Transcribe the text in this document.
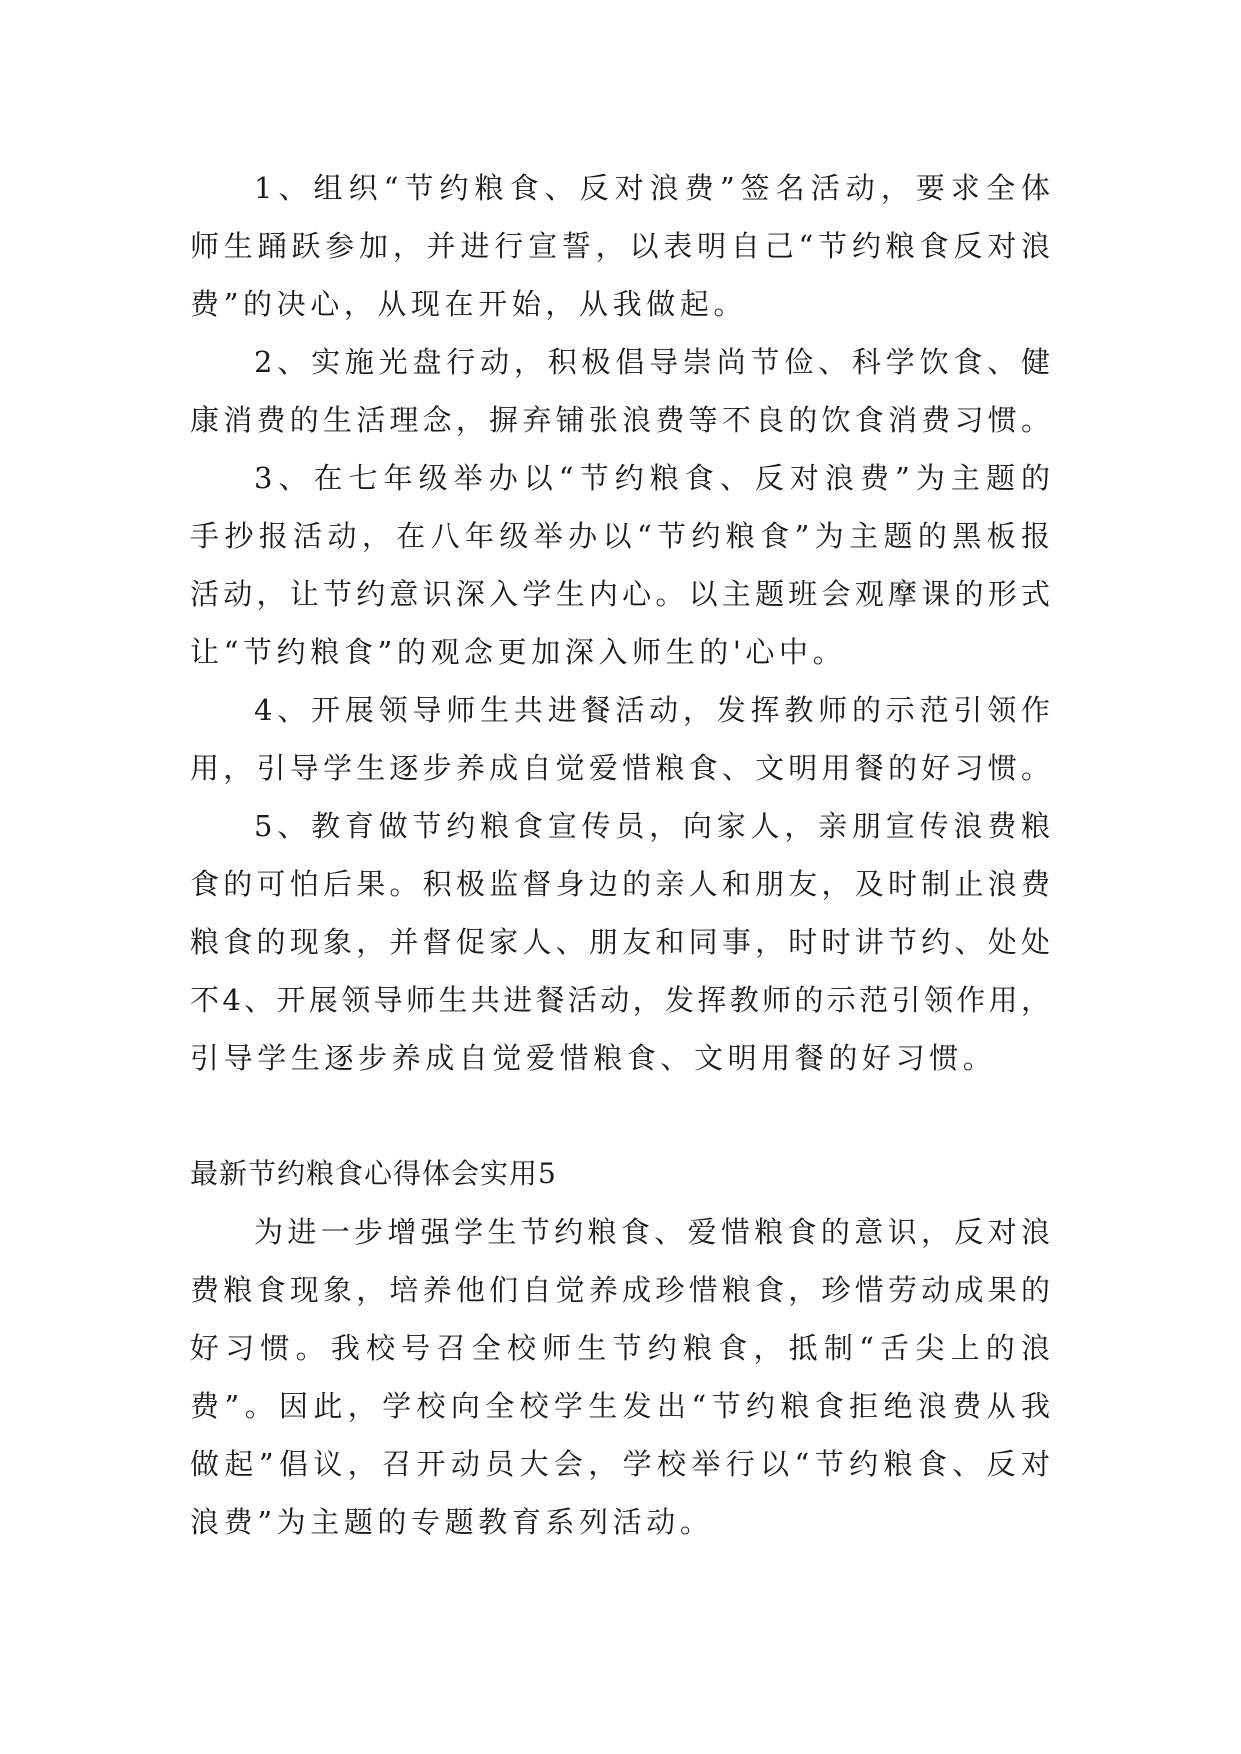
1、组织“节约粮食、反对浪费”签名活动，要求全体
师生踊跃参加，并进行宣誓，以表明自己“节约粮食反对浪
费”的决心，从现在开始，从我做起。
2、实施光盘行动，积极倡导崇尚节俭、科学饮食、健
康消费的生活理念，摒弃铺张浪费等不良的饮食消费习惯。
3、在七年级举办以“节约粮食、反对浪费”为主题的
手抄报活动，在八年级举办以“节约粮食”为主题的黑板报
活动，让节约意识深入学生内心。以主题班会观摩课的形式
让“节约粮食”的观念更加深入师生的'心中。
4、开展领导师生共进餐活动，发挥教师的示范引领作
用，引导学生逐步养成自觉爱惜粮食、文明用餐的好习惯。
5、教育做节约粮食宣传员，向家人，亲朋宣传浪费粮
食的可怕后果。积极监督身边的亲人和朋友，及时制止浪费
粮食的现象，并督促家人、朋友和同事，时时讲节约、处处
不4、开展领导师生共进餐活动，发挥教师的示范引领作用，
引导学生逐步养成自觉爱惜粮食、文明用餐的好习惯。
最新节约粮食心得体会实用5
为进一步增强学生节约粮食、爱惜粮食的意识，反对浪
费粮食现象，培养他们自觉养成珍惜粮食，珍惜劳动成果的
好习惯。我校号召全校师生节约粮食，抵制“舌尖上的浪
费”。因此，学校向全校学生发出“节约粮食拒绝浪费从我
做起”倡议，召开动员大会，学校举行以“节约粮食、反对
浪费”为主题的专题教育系列活动。
